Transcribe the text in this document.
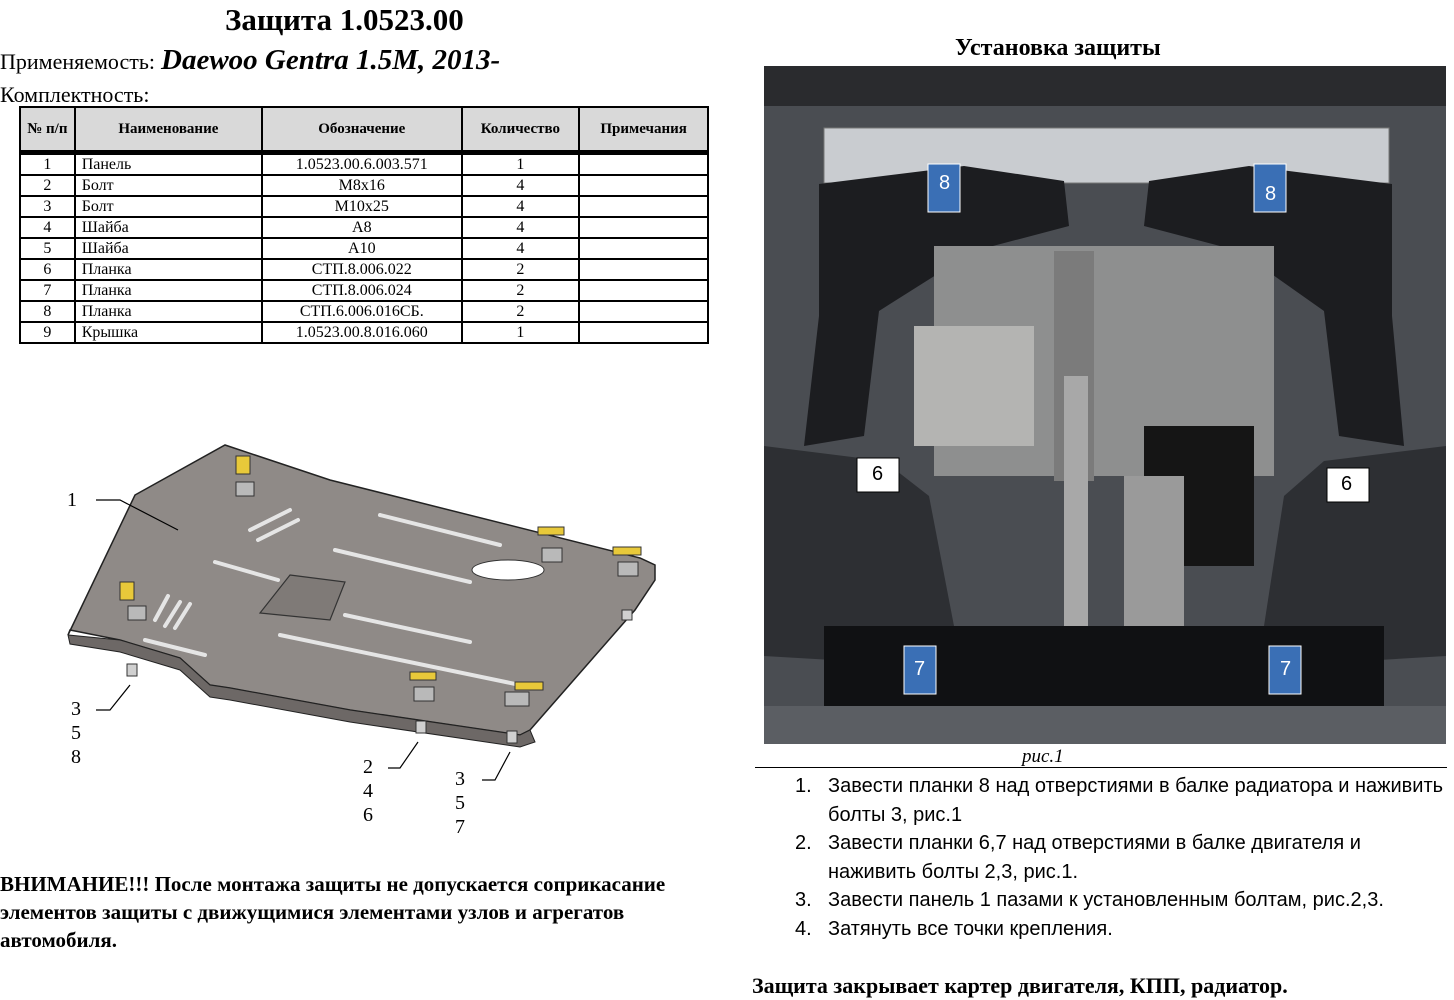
Защита 1.0523.00
Применяемость: Daewoo Gentra 1.5M, 2013-
Комплектность:
№ п/п	Наименование	Обозначение	Количество	Примечания
1	Панель	1.0523.00.6.003.571	1	
2	Болт	М8х16	4	
3	Болт	М10х25	4	
4	Шайба	А8	4	
5	Шайба	А10	4	
6	Планка	СТП.8.006.022	2	
7	Планка	СТП.8.006.024	2	
8	Планка	СТП.6.006.016СБ.	2	
9	Крышка	1.0523.00.8.016.060	1	
1
3
5
8	2
4
6
3
5
7
ВНИМАНИЕ!!! После монтажа защиты не допускается соприкасание элементов защиты с движущимися элементами узлов и агрегатов автомобиля.
Установка защиты
8	8
6	6
7	7
рис.1
1. Завести планки 8 над отверстиями в балке радиатора и наживить болты 3, рис.1
2. Завести планки 6,7 над отверстиями в балке двигателя и наживить болты 2,3, рис.1.
3. Завести панель 1 пазами к установленным болтам, рис.2,3.
4. Затянуть все точки крепления.
Защита закрывает картер двигателя, КПП, радиатор.
